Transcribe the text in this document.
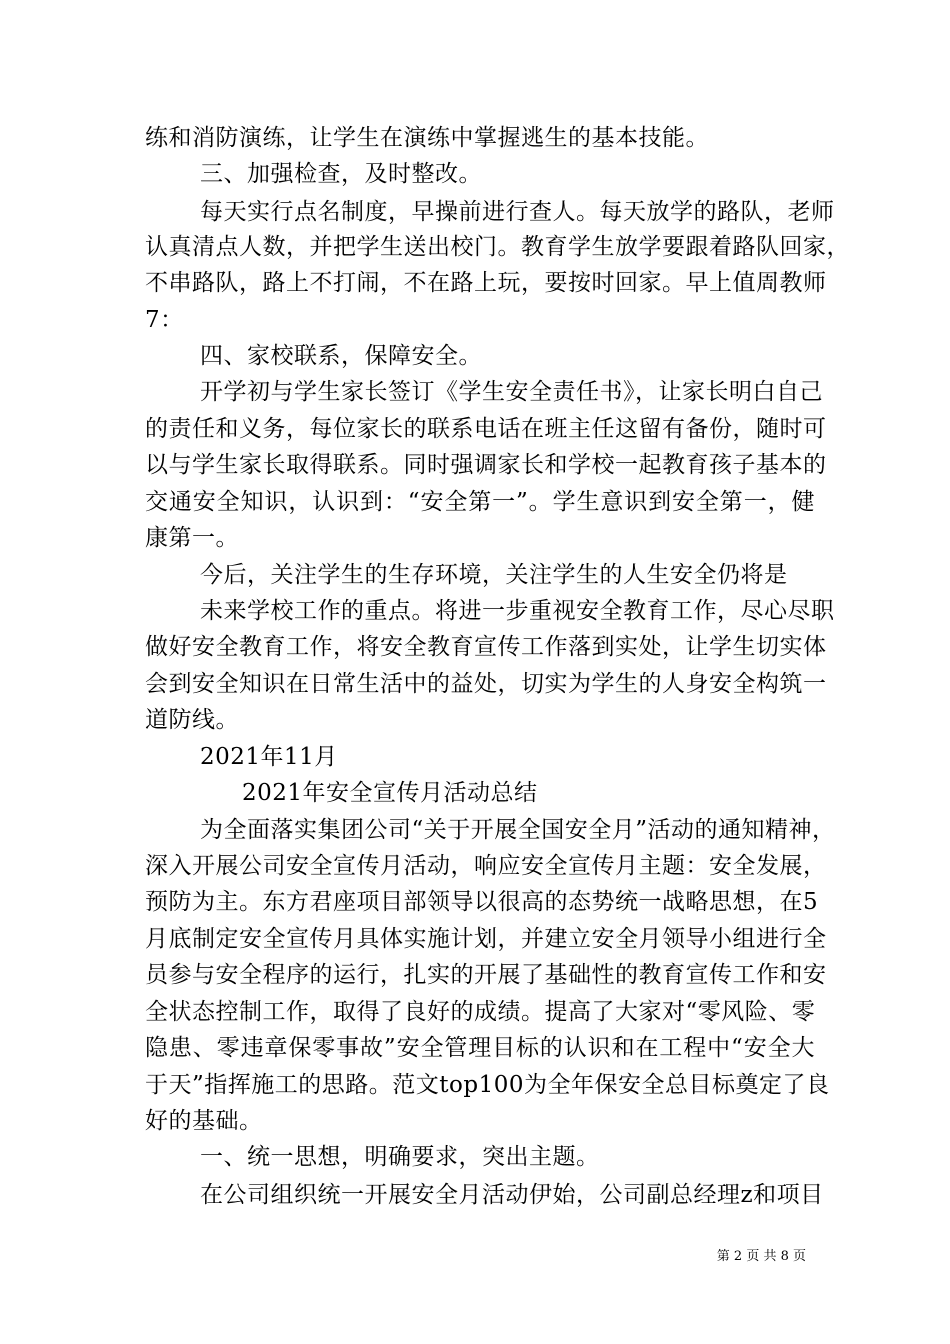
练和消防演练，让学生在演练中掌握逃生的基本技能。
三、加强检查，及时整改。
每天实行点名制度，早操前进行查人。每天放学的路队，老师
认真清点人数，并把学生送出校门。教育学生放学要跟着路队回家，
不串路队，路上不打闹，不在路上玩，要按时回家。早上值周教师
7：
四、家校联系，保障安全。
开学初与学生家长签订《学生安全责任书》，让家长明白自己
的责任和义务，每位家长的联系电话在班主任这留有备份，随时可
以与学生家长取得联系。同时强调家长和学校一起教育孩子基本的
交通安全知识，认识到：“安全第一”。学生意识到安全第一，健
康第一。
今后，关注学生的生存环境，关注学生的人生安全仍将是
未来学校工作的重点。将进一步重视安全教育工作，尽心尽职
做好安全教育工作，将安全教育宣传工作落到实处，让学生切实体
会到安全知识在日常生活中的益处，切实为学生的人身安全构筑一
道防线。
2021年11月
2021年安全宣传月活动总结
为全面落实集团公司“关于开展全国安全月”活动的通知精神，
深入开展公司安全宣传月活动，响应安全宣传月主题：安全发展，
预防为主。东方君座项目部领导以很高的态势统一战略思想，在5
月底制定安全宣传月具体实施计划，并建立安全月领导小组进行全
员参与安全程序的运行，扎实的开展了基础性的教育宣传工作和安
全状态控制工作，取得了良好的成绩。提高了大家对“零风险、零
隐患、零违章保零事故”安全管理目标的认识和在工程中“安全大
于天”指挥施工的思路。范文top100为全年保安全总目标奠定了良
好的基础。
一、统一思想，明确要求，突出主题。
在公司组织统一开展安全月活动伊始，公司副总经理z和项目
第 2 页 共 8 页
